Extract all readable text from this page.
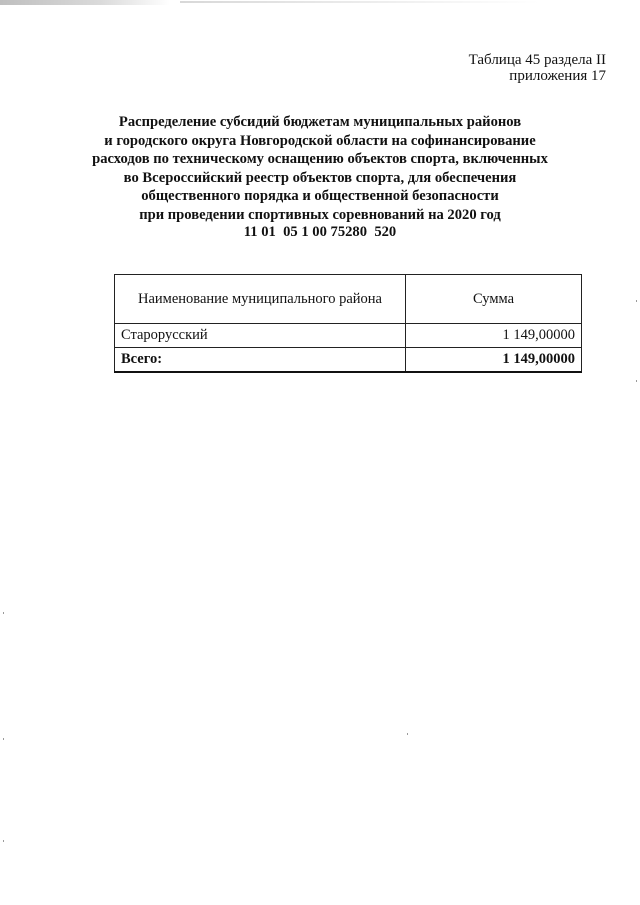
Таблица 45 раздела II
приложения 17
Распределение субсидий бюджетам муниципальных районов
и городского округа Новгородской области на софинансирование
расходов по техническому оснащению объектов спорта, включенных
во Всероссийский реестр объектов спорта, для обеспечения
общественного порядка и общественной безопасности
при проведении спортивных соревнований на 2020 год
11 01  05 1 00 75280  520
Наименование муниципального района	Сумма
Старорусский	1 149,00000
Всего:	1 149,00000
